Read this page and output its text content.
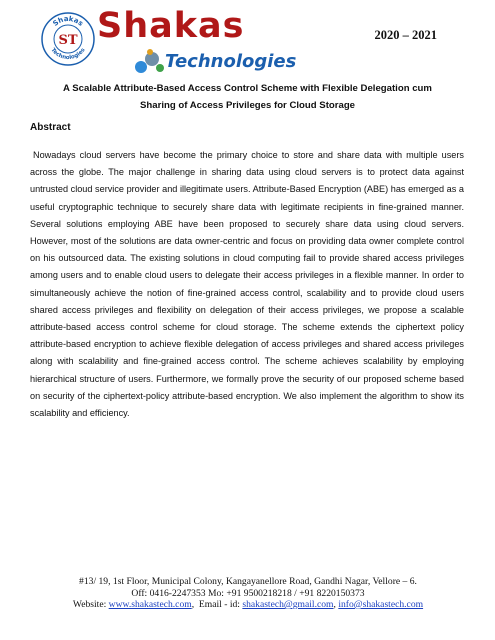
Shakas
Technologies
ST Shakas
Technologies
2020 – 2021
A Scalable Attribute-Based Access Control Scheme with Flexible Delegation cum
Sharing of Access Privileges for Cloud Storage
Abstract
Nowadays cloud servers have become the primary choice to store and share data with multiple users across the globe. The major challenge in sharing data using cloud servers is to protect data against untrusted cloud service provider and illegitimate users. Attribute-Based Encryption (ABE) has emerged as a useful cryptographic technique to securely share data with legitimate recipients in fine-grained manner. Several solutions employing ABE have been proposed to securely share data using cloud servers. However, most of the solutions are data owner-centric and focus on providing data owner complete control on his outsourced data. The existing solutions in cloud computing fail to provide shared access privileges among users and to enable cloud users to delegate their access privileges in a flexible manner. In order to simultaneously achieve the notion of fine-grained access control, scalability and to provide cloud users shared access privileges and flexibility on delegation of their access privileges, we propose a scalable attribute-based access control scheme for cloud storage. The scheme extends the ciphertext policy attribute-based encryption to achieve flexible delegation of access privileges and shared access privileges along with scalability and fine-grained access control. The scheme achieves scalability by employing hierarchical structure of users. Furthermore, we formally prove the security of our proposed scheme based on security of the ciphertext-policy attribute-based encryption. We also implement the algorithm to show its scalability and efficiency.
#13/ 19, 1st Floor, Municipal Colony, Kangayanellore Road, Gandhi Nagar, Vellore – 6.
Off: 0416-2247353 Mo: +91 9500218218 / +91 8220150373
Website: www.shakastech.com,  Email - id: shakastech@gmail.com, info@shakastech.com
